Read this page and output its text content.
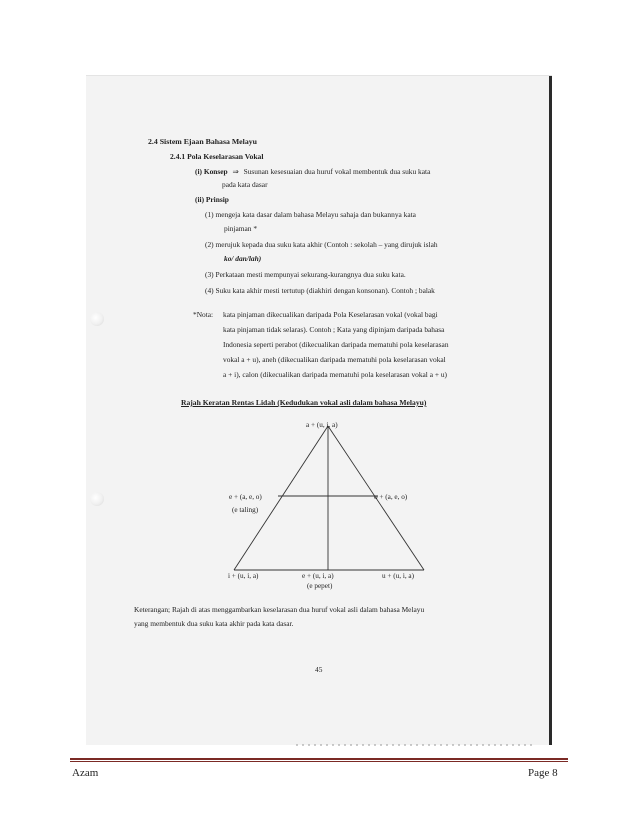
2.4 Sistem Ejaan Bahasa Melayu
2.4.1 Pola Keselarasan Vokal
(i) Konsep ⇒ Susunan kesesuaian dua huruf vokal membentuk dua suku kata
pada kata dasar
(ii) Prinsip
(1) mengeja kata dasar dalam bahasa Melayu sahaja dan bukannya kata
pinjaman *
(2) merujuk kepada dua suku kata akhir (Contoh : sekolah – yang dirujuk islah
ko/ dan/lah)
(3) Perkataan mesti mempunyai sekurang-kurangnya dua suku kata.
(4) Suku kata akhir mesti tertutup (diakhiri dengan konsonan). Contoh ; balak
*Nota: kata pinjaman dikecualikan daripada Pola Keselarasan vokal (vokal bagi
kata pinjaman tidak selaras). Contoh ; Kata yang dipinjam daripada bahasa
Indonesia seperti perabot (dikecualikan daripada mematuhi pola keselarasan
vokal a + u), aneh (dikecualikan daripada mematuhi pola keselarasan vokal
a + i), calon (dikecualikan daripada mematuhi pola keselarasan vokal a + u)
Rajah Keratan Rentas Lidah (Kedudukan vokal asli dalam bahasa Melayu)
a + (u, i, a)
e + (a, e, o)
(e taling)
o + (a, e, o)
i + (u, i, a)	e + (u, i, a)
(e pepet)
u + (u, i, a)
Keterangan; Rajah di atas menggambarkan keselarasan dua huruf vokal asli dalam bahasa Melayu
yang membentuk dua suku kata akhir pada kata dasar.
45
Azam	Page 8
